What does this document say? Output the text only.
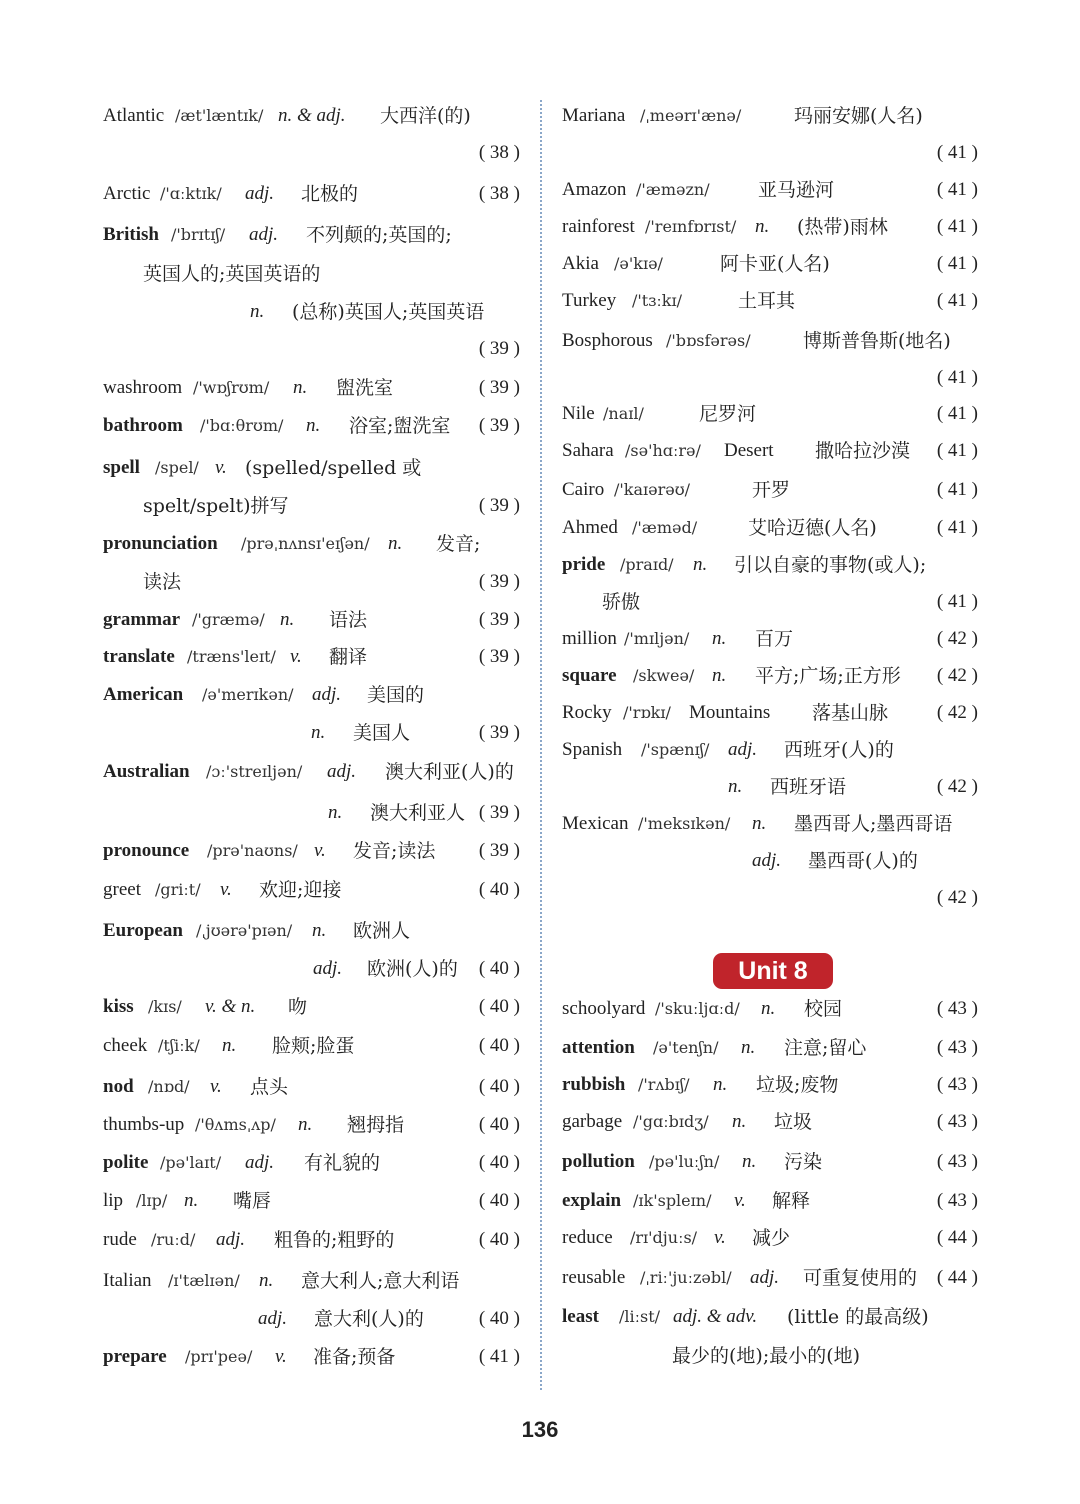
Atlantic /æt'læntɪk/ n. & adj. 大西洋(的)
( 38 )
Arctic /'ɑːktɪk/ adj. 北极的	( 38 )
British /'brɪtɪʃ/ adj. 不列颠的;英国的;
英国人的;英国英语的
n. (总称)英国人;英国英语
( 39 )
washroom /'wɒʃrʊm/ n. 盥洗室	( 39 )
bathroom /'bɑːθrʊm/ n. 浴室;盥洗室 ( 39 )
spell /spel/ v. (spelled/spelled 或
spelt/spelt)拼写	( 39 )
pronunciation /prəˌnʌnsɪ'eɪʃən/ n. 发音;
读法	( 39 )
grammar /'græmə/ n. 语法	( 39 )
translate /træns'leɪt/ v. 翻译	( 39 )
American /ə'merɪkən/ adj. 美国的
n. 美国人	( 39 )
Australian /ɔː'streɪljən/ adj. 澳大利亚(人)的
n. 澳大利亚人 ( 39 )
pronounce /prə'naʊns/ v. 发音;读法 ( 39 )
greet /griːt/ v. 欢迎;迎接	( 40 )
European /ˌjʊərə'pɪən/ n. 欧洲人
adj. 欧洲(人)的 ( 40 )
kiss /kɪs/ v. & n. 吻	( 40 )
cheek /tʃiːk/ n. 脸颊;脸蛋	( 40 )
nod /nɒd/ v. 点头	( 40 )
thumbs-up /'θʌmsˌʌp/ n. 翘拇指	( 40 )
polite /pə'laɪt/ adj. 有礼貌的	( 40 )
lip /lɪp/ n. 嘴唇	( 40 )
rude /ruːd/ adj. 粗鲁的;粗野的	( 40 )
Italian /ɪ'tælɪən/ n. 意大利人;意大利语
adj. 意大利(人)的	( 40 )
prepare /prɪ'peə/ v. 准备;预备	( 41 )
Mariana /ˌmeərɪ'ænə/	玛丽安娜(人名)
( 41 )
Amazon /'æməzn/	亚马逊河	( 41 )
rainforest /'reɪnfɒrɪst/ n. (热带)雨林	( 41 )
Akia /ə'kɪə/	阿卡亚(人名)	( 41 )
Turkey /'tɜːkɪ/	土耳其	( 41 )
Bosphorous /'bɒsfərəs/	博斯普鲁斯(地名)
( 41 )
Nile /naɪl/	尼罗河	( 41 )
Sahara /sə'hɑːrə/ Desert 撒哈拉沙漠 ( 41 )
Cairo /'kaɪərəʊ/	开罗	( 41 )
Ahmed /'æməd/	艾哈迈德(人名)	( 41 )
pride /praɪd/ n. 引以自豪的事物(或人);
骄傲	( 41 )
million /'mɪljən/ n. 百万	( 42 )
square /skweə/ n. 平方;广场;正方形 ( 42 )
Rocky /'rɒkɪ/ Mountains 落基山脉	( 42 )
Spanish /'spænɪʃ/ adj. 西班牙(人)的
n. 西班牙语	( 42 )
Mexican /'meksɪkən/ n. 墨西哥人;墨西哥语
adj. 墨西哥(人)的
( 42 )
schoolyard /'skuːljɑːd/ n. 校园	( 43 )
attention /ə'tenʃn/ n. 注意;留心	( 43 )
rubbish /'rʌbɪʃ/ n. 垃圾;废物	( 43 )
garbage /'gɑːbɪdʒ/ n. 垃圾	( 43 )
pollution /pə'luːʃn/ n. 污染	( 43 )
explain /ɪk'spleɪn/ v. 解释	( 43 )
reduce /rɪ'djuːs/ v. 减少	( 44 )
reusable /ˌriː'juːzəbl/ adj. 可重复使用的 ( 44 )
least /liːst/ adj. & adv. (little 的最高级)
最少的(地);最小的(地)
Unit 8
136
